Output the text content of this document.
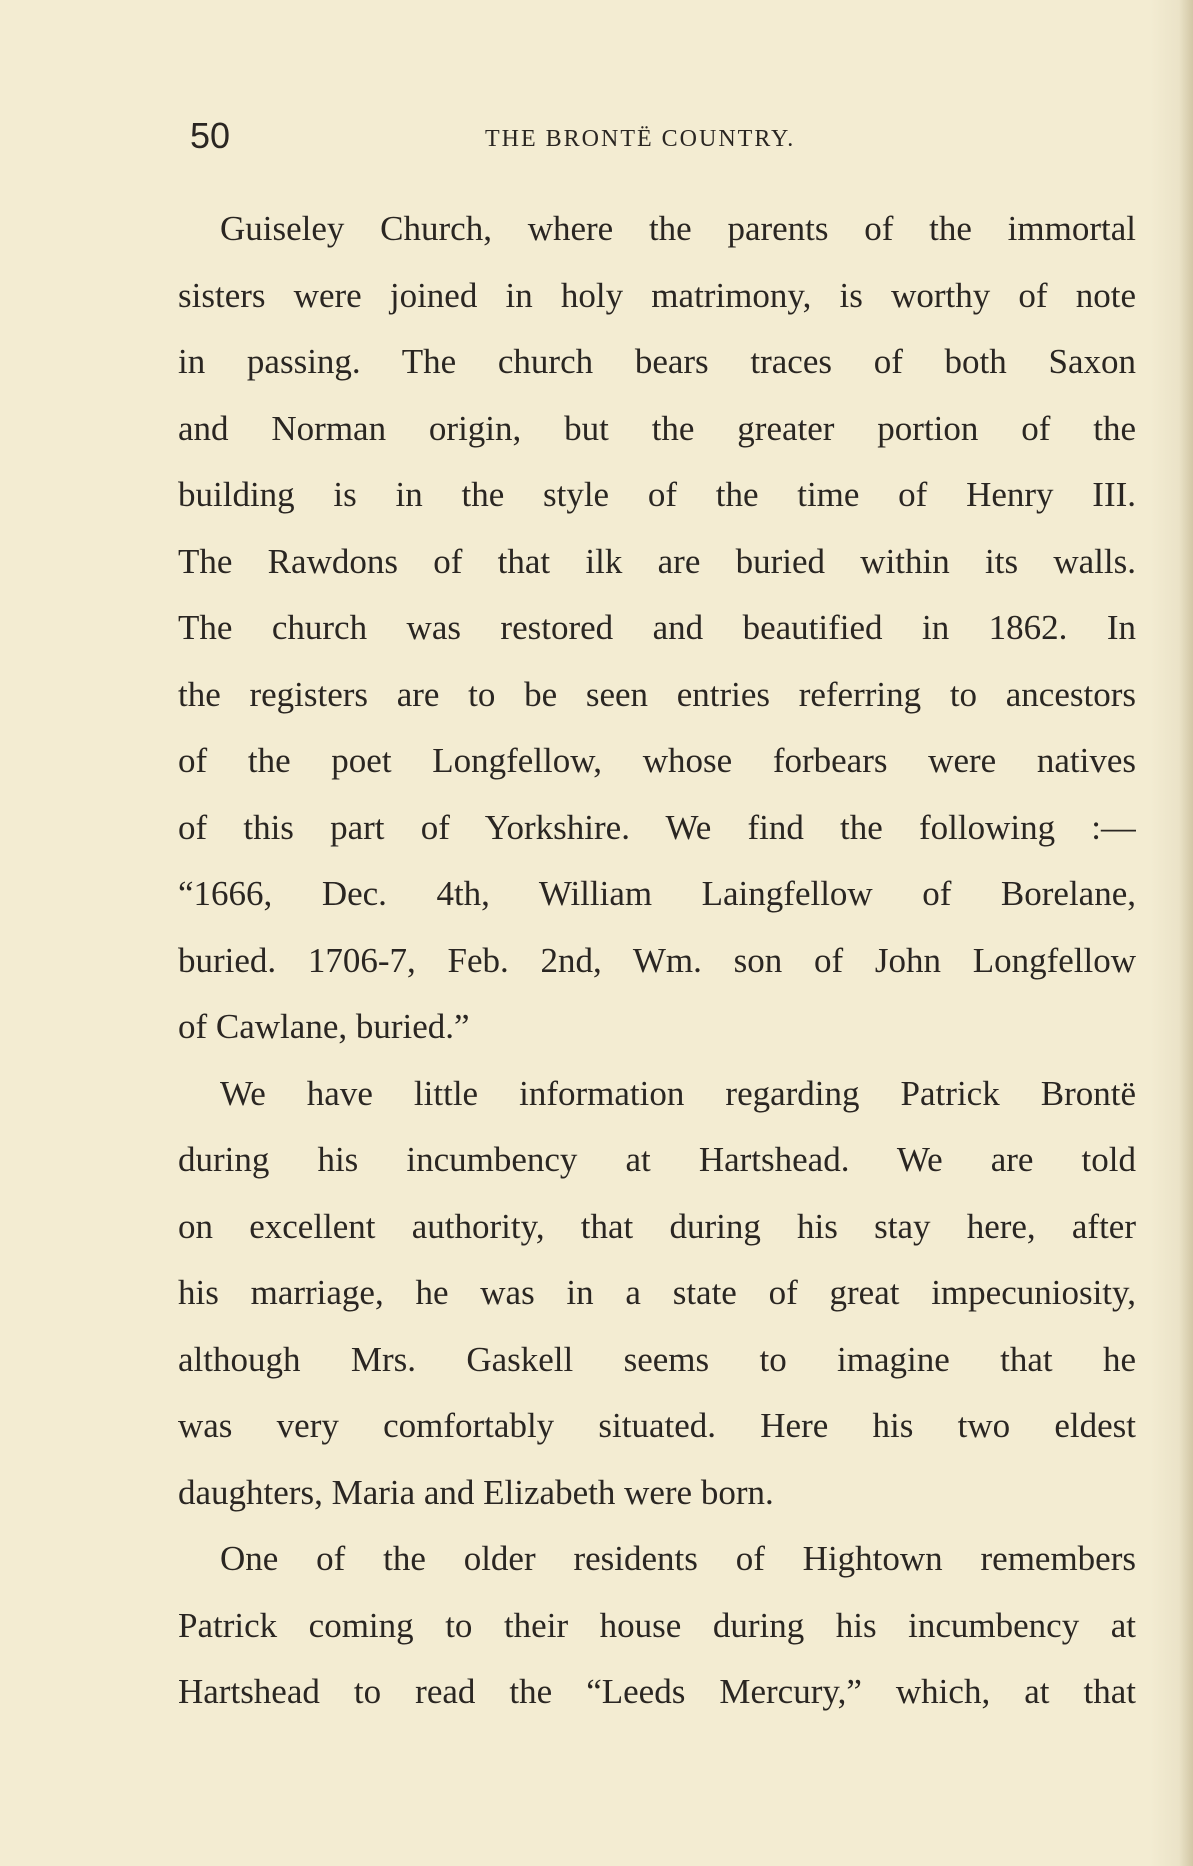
50	THE BRONTË COUNTRY.
Guiseley Church, where the parents of the immortal
sisters were joined in holy matrimony, is worthy of note
in passing. The church bears traces of both Saxon
and Norman origin, but the greater portion of the
building is in the style of the time of Henry III.
The Rawdons of that ilk are buried within its walls.
The church was restored and beautified in 1862. In
the registers are to be seen entries referring to ancestors
of the poet Longfellow, whose forbears were natives
of this part of Yorkshire. We find the following :—
“1666, Dec. 4th, William Laingfellow of Borelane,
buried. 1706-7, Feb. 2nd, Wm. son of John Longfellow
of Cawlane, buried.”
We have little information regarding Patrick Brontë
during his incumbency at Hartshead. We are told
on excellent authority, that during his stay here, after
his marriage, he was in a state of great impecuniosity,
although Mrs. Gaskell seems to imagine that he
was very comfortably situated. Here his two eldest
daughters, Maria and Elizabeth were born.
One of the older residents of Hightown remembers
Patrick coming to their house during his incumbency at
Hartshead to read the “Leeds Mercury,” which, at that
